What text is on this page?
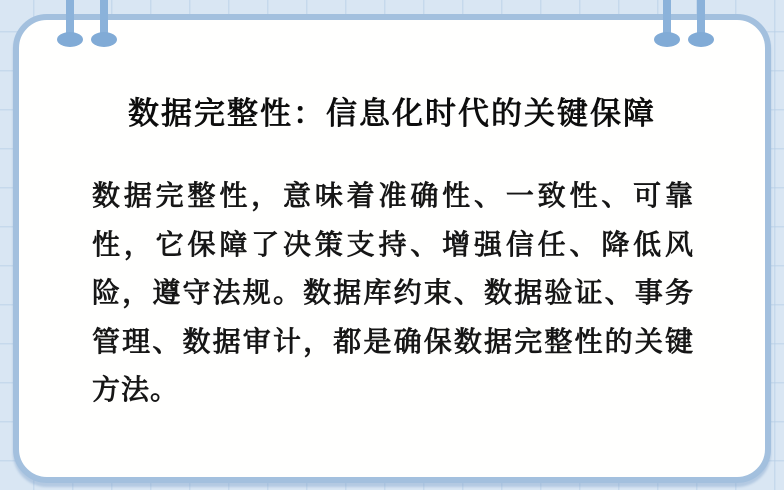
数据完整性：信息化时代的关键保障
数据完整性，意味着准确性、一致性、可靠
性，它保障了决策支持、增强信任、降低风
险，遵守法规。数据库约束、数据验证、事务
管理、数据审计，都是确保数据完整性的关键
方法。
